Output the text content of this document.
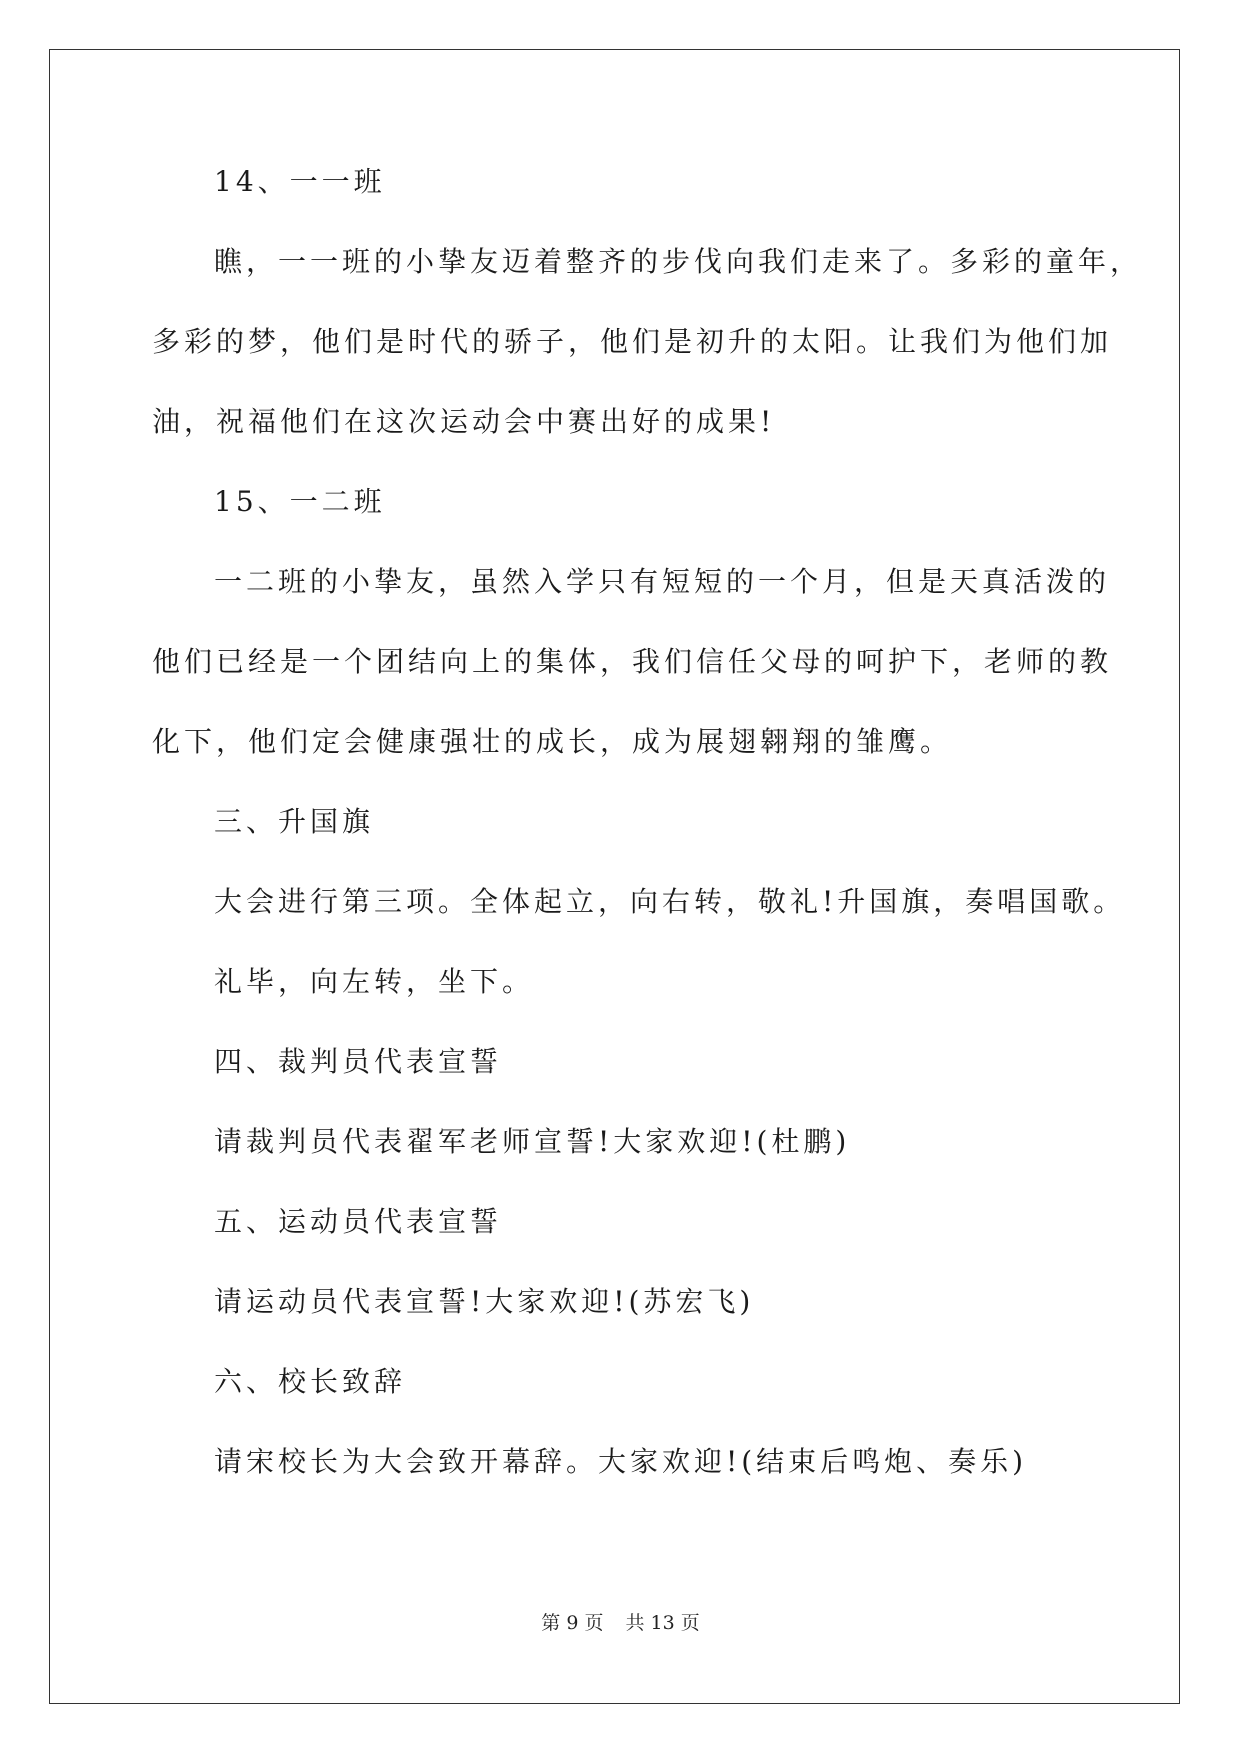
14、一一班
瞧，一一班的小挚友迈着整齐的步伐向我们走来了。多彩的童年，
多彩的梦，他们是时代的骄子，他们是初升的太阳。让我们为他们加
油，祝福他们在这次运动会中赛出好的成果!
15、一二班
一二班的小挚友，虽然入学只有短短的一个月，但是天真活泼的
他们已经是一个团结向上的集体，我们信任父母的呵护下，老师的教
化下，他们定会健康强壮的成长，成为展翅翱翔的雏鹰。
三、升国旗
大会进行第三项。全体起立，向右转，敬礼!升国旗，奏唱国歌。
礼毕，向左转，坐下。
四、裁判员代表宣誓
请裁判员代表翟军老师宣誓!大家欢迎!(杜鹏)
五、运动员代表宣誓
请运动员代表宣誓!大家欢迎!(苏宏飞)
六、校长致辞
请宋校长为大会致开幕辞。大家欢迎!(结束后鸣炮、奏乐)
第 9 页 共 13 页
